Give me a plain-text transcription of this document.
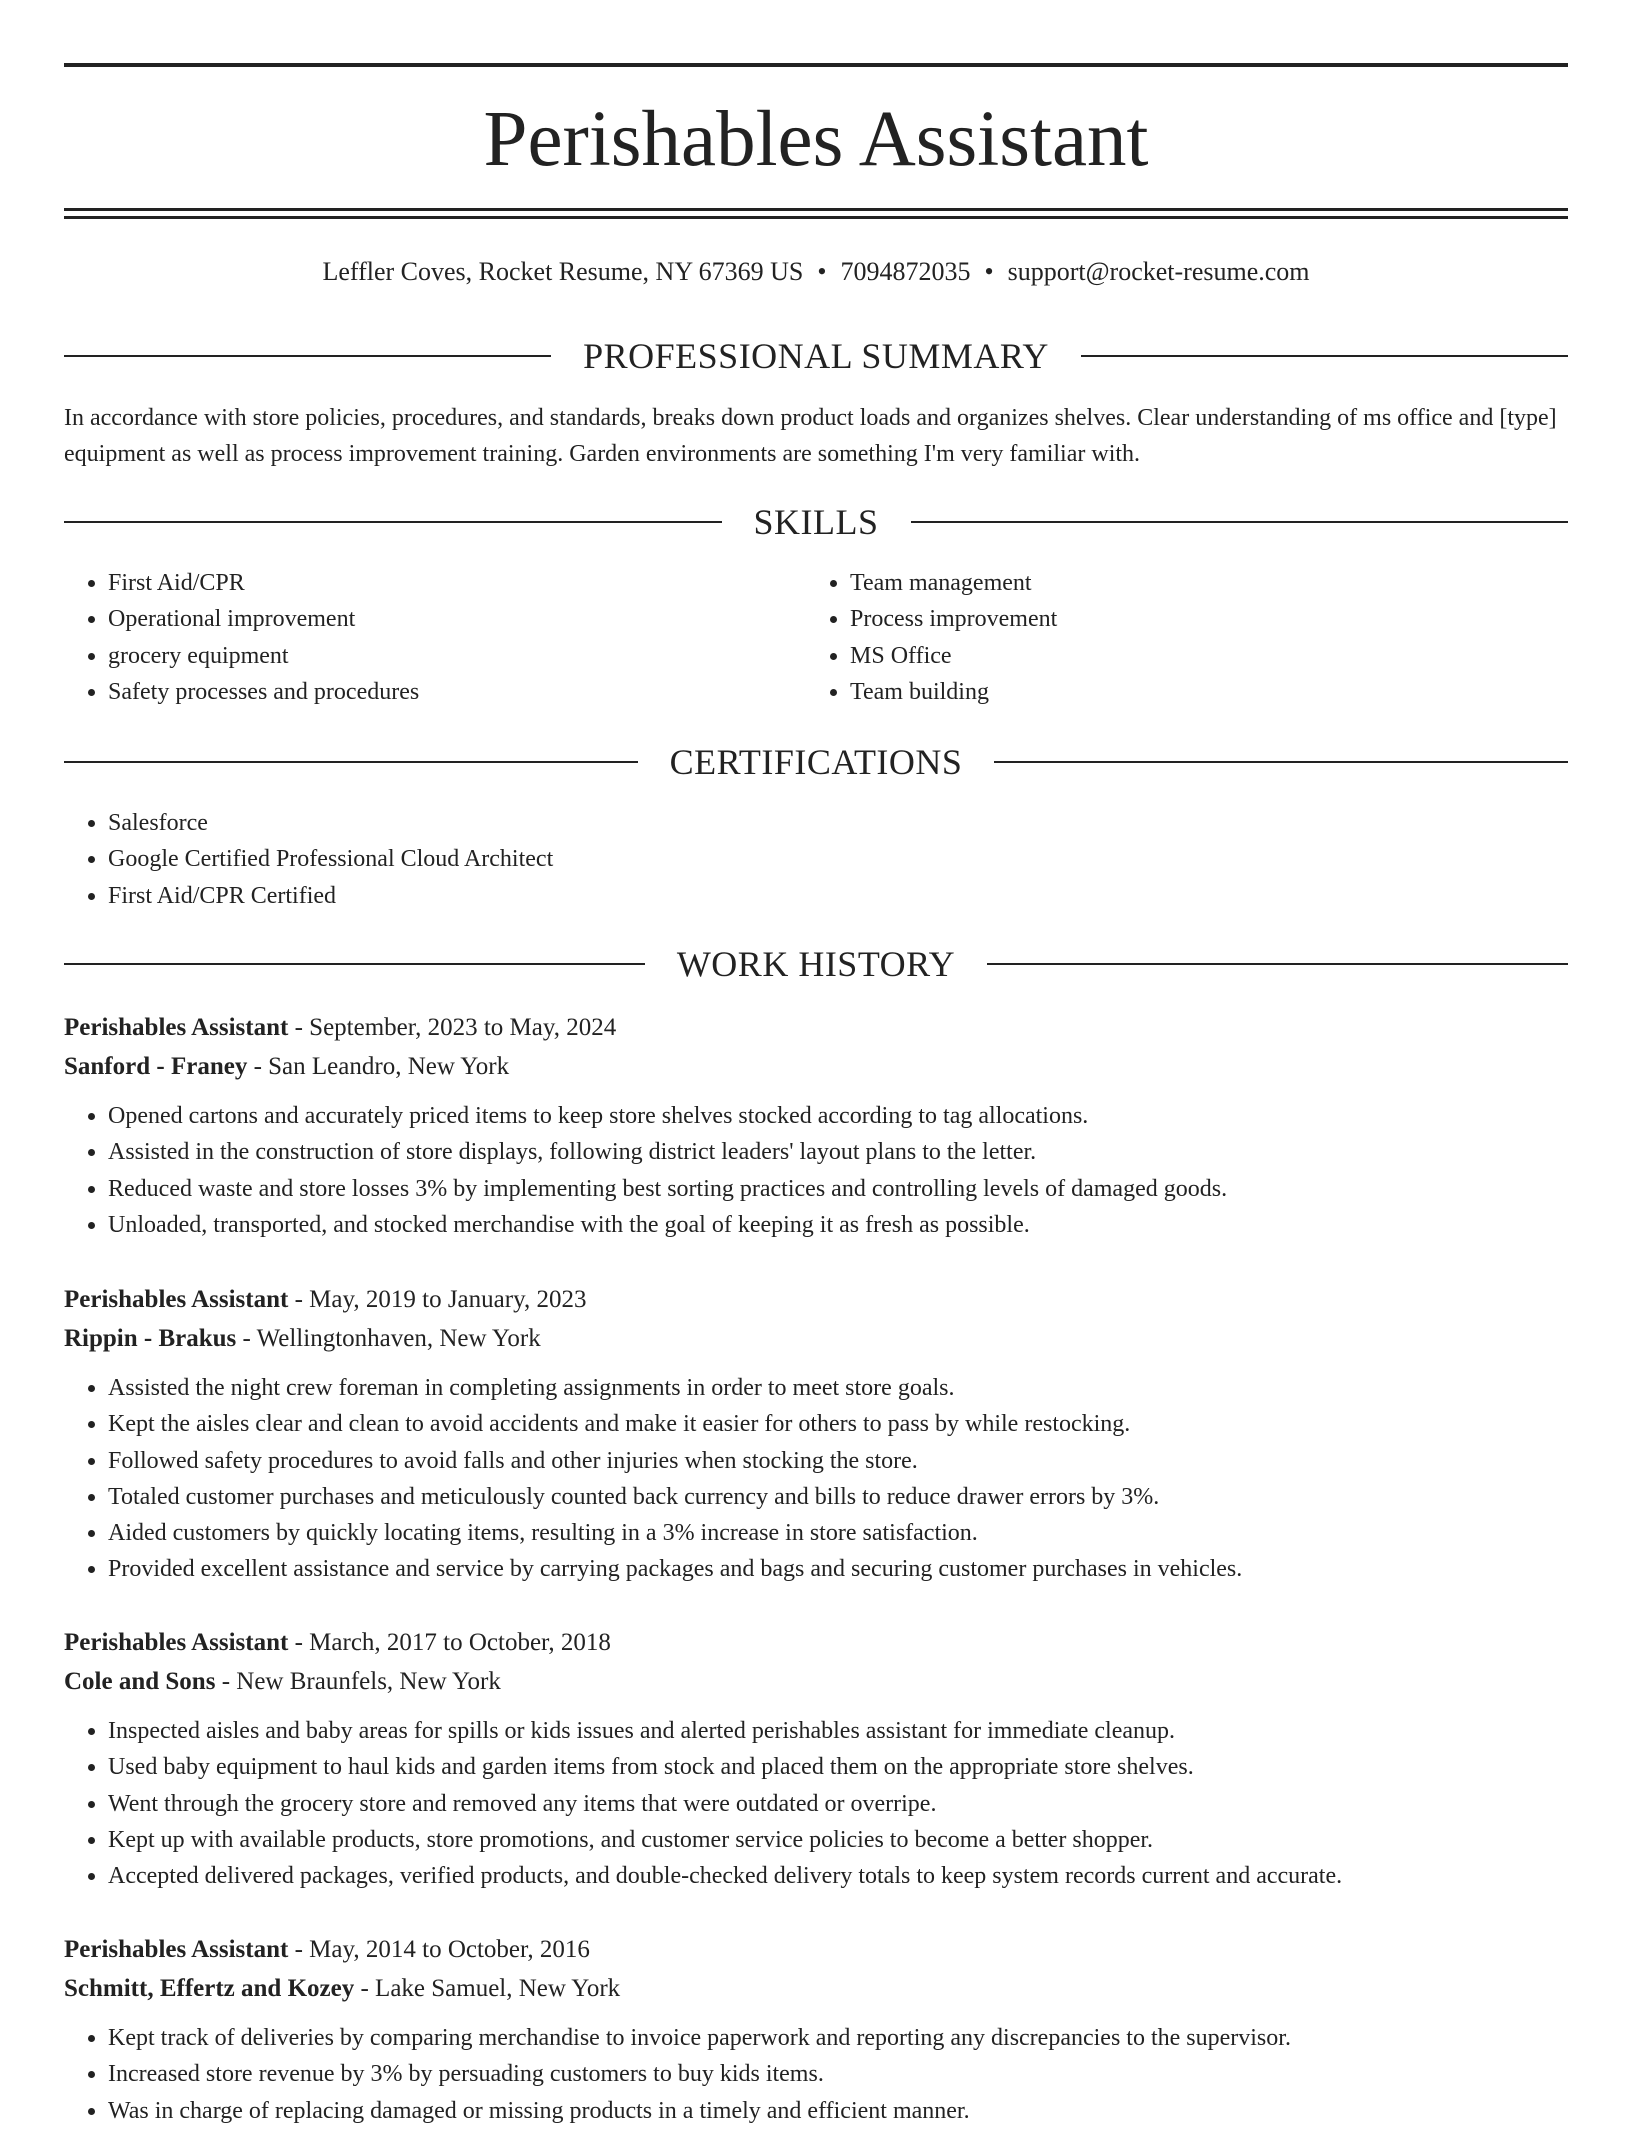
Perishables Assistant
Leffler Coves, Rocket Resume, NY 67369 US • 7094872035 • support@rocket-resume.com
PROFESSIONAL SUMMARY

In accordance with store policies, procedures, and standards, breaks down product loads and organizes shelves. Clear understanding of ms office and [type] equipment as well as process improvement training. Garden environments are something I'm very familiar with.

SKILLS
• First Aid/CPR
• Operational improvement
• grocery equipment
• Safety processes and procedures
• Team management
• Process improvement
• MS Office
• Team building
CERTIFICATIONS
• Salesforce
• Google Certified Professional Cloud Architect
• First Aid/CPR Certified
WORK HISTORY
Perishables Assistant - September, 2023 to May, 2024
Sanford - Franey - San Leandro, New York
• Opened cartons and accurately priced items to keep store shelves stocked according to tag allocations.
• Assisted in the construction of store displays, following district leaders' layout plans to the letter.
• Reduced waste and store losses 3% by implementing best sorting practices and controlling levels of damaged goods.
• Unloaded, transported, and stocked merchandise with the goal of keeping it as fresh as possible.
Perishables Assistant - May, 2019 to January, 2023
Rippin - Brakus - Wellingtonhaven, New York
• Assisted the night crew foreman in completing assignments in order to meet store goals.
• Kept the aisles clear and clean to avoid accidents and make it easier for others to pass by while restocking.
• Followed safety procedures to avoid falls and other injuries when stocking the store.
• Totaled customer purchases and meticulously counted back currency and bills to reduce drawer errors by 3%.
• Aided customers by quickly locating items, resulting in a 3% increase in store satisfaction.
• Provided excellent assistance and service by carrying packages and bags and securing customer purchases in vehicles.
Perishables Assistant - March, 2017 to October, 2018
Cole and Sons - New Braunfels, New York
• Inspected aisles and baby areas for spills or kids issues and alerted perishables assistant for immediate cleanup.
• Used baby equipment to haul kids and garden items from stock and placed them on the appropriate store shelves.
• Went through the grocery store and removed any items that were outdated or overripe.
• Kept up with available products, store promotions, and customer service policies to become a better shopper.
• Accepted delivered packages, verified products, and double-checked delivery totals to keep system records current and accurate.
Perishables Assistant - May, 2014 to October, 2016
Schmitt, Effertz and Kozey - Lake Samuel, New York
• Kept track of deliveries by comparing merchandise to invoice paperwork and reporting any discrepancies to the supervisor.
• Increased store revenue by 3% by persuading customers to buy kids items.
• Was in charge of replacing damaged or missing products in a timely and efficient manner.
